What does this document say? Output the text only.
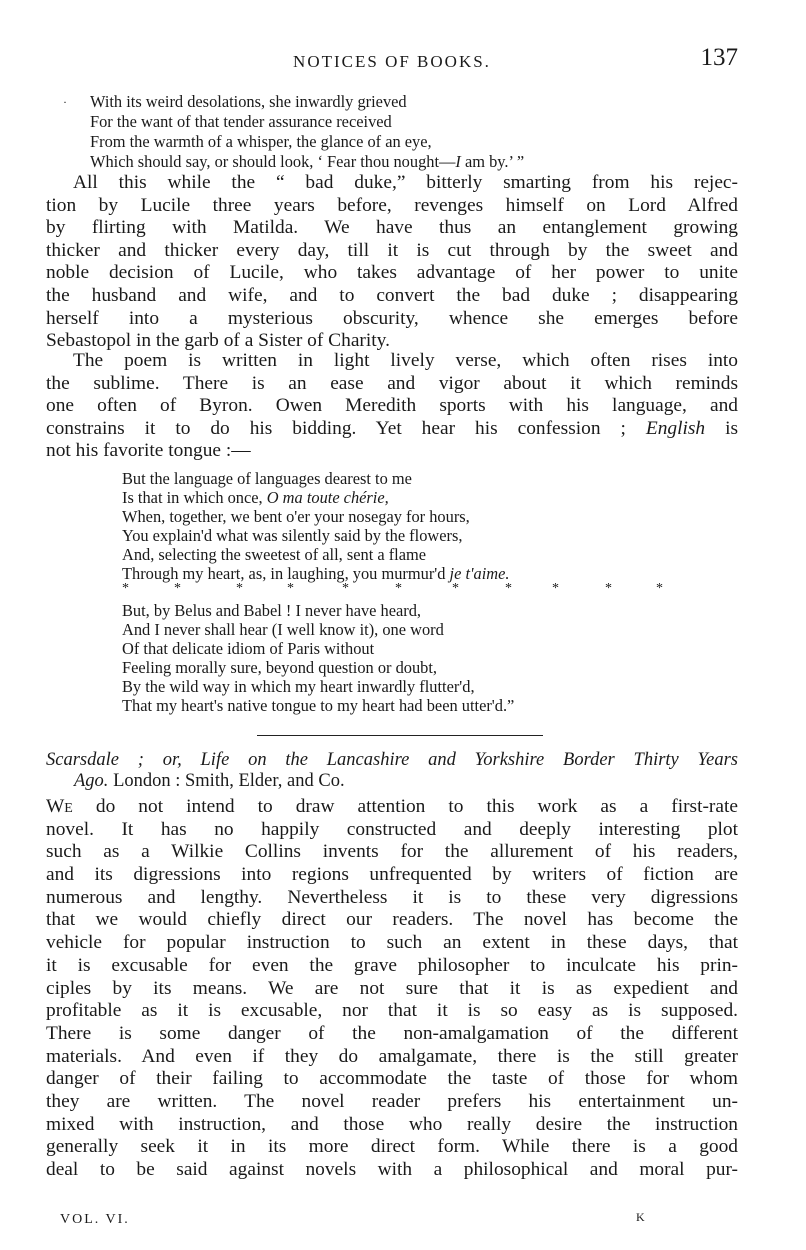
NOTICES OF BOOKS.	137
· With its weird desolations, she inwardly grieved
For the want of that tender assurance received
From the warmth of a whisper, the glance of an eye,
Which should say, or should look, ‘ Fear thou nought—I am by.’ ”
All this while the “ bad duke,” bitterly smarting from his rejec-
tion by Lucile three years before, revenges himself on Lord Alfred
by flirting with Matilda. We have thus an entanglement growing
thicker and thicker every day, till it is cut through by the sweet and
noble decision of Lucile, who takes advantage of her power to unite
the husband and wife, and to convert the bad duke ; disappearing
herself into a mysterious obscurity, whence she emerges before
Sebastopol in the garb of a Sister of Charity.
The poem is written in light lively verse, which often rises into
the sublime. There is an ease and vigor about it which reminds
one often of Byron. Owen Meredith sports with his language, and
constrains it to do his bidding. Yet hear his confession ; English is
not his favorite tongue :—
But the language of languages dearest to me
Is that in which once, O ma toute chérie,
When, together, we bent o'er your nosegay for hours,
You explain'd what was silently said by the flowers,
And, selecting the sweetest of all, sent a flame
Through my heart, as, in laughing, you murmur'd je t'aime.
*	*	*	*	*	*	*	*	*	*	*
But, by Belus and Babel ! I never have heard,
And I never shall hear (I well know it), one word
Of that delicate idiom of Paris without
Feeling morally sure, beyond question or doubt,
By the wild way in which my heart inwardly flutter'd,
That my heart's native tongue to my heart had been utter'd.”
Scarsdale ; or, Life on the Lancashire and Yorkshire Border Thirty Years
Ago. London : Smith, Elder, and Co.
We do not intend to draw attention to this work as a first-rate
novel. It has no happily constructed and deeply interesting plot
such as a Wilkie Collins invents for the allurement of his readers,
and its digressions into regions unfrequented by writers of fiction are
numerous and lengthy. Nevertheless it is to these very digressions
that we would chiefly direct our readers. The novel has become the
vehicle for popular instruction to such an extent in these days, that
it is excusable for even the grave philosopher to inculcate his prin-
ciples by its means. We are not sure that it is as expedient and
profitable as it is excusable, nor that it is so easy as is supposed.
There is some danger of the non-amalgamation of the different
materials. And even if they do amalgamate, there is the still greater
danger of their failing to accommodate the taste of those for whom
they are written. The novel reader prefers his entertainment un-
mixed with instruction, and those who really desire the instruction
generally seek it in its more direct form. While there is a good
deal to be said against novels with a philosophical and moral pur-
VOL. VI.	K
